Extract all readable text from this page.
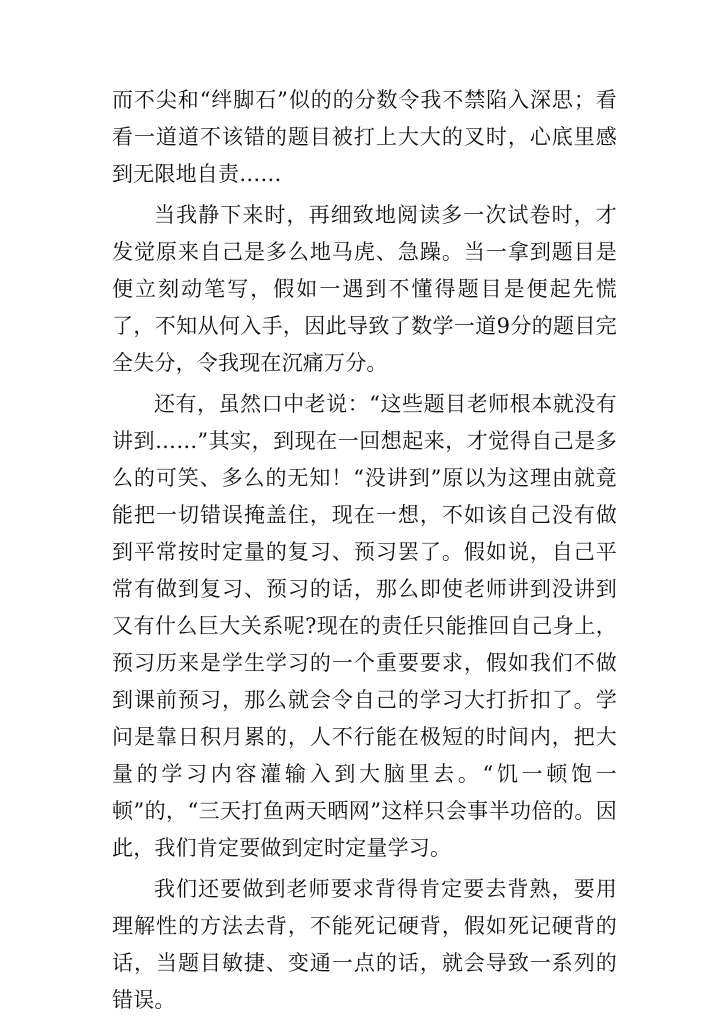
而不尖和“绊脚石”似的的分数令我不禁陷入深思；看看一道道不该错的题目被打上大大的叉时，心底里感到无限地自责……

当我静下来时，再细致地阅读多一次试卷时，才发觉原来自己是多么地马虎、急躁。当一拿到题目是便立刻动笔写，假如一遇到不懂得题目是便起先慌了，不知从何入手，因此导致了数学一道9分的题目完全失分，令我现在沉痛万分。

还有，虽然口中老说：“这些题目老师根本就没有讲到……”其实，到现在一回想起来，才觉得自己是多么的可笑、多么的无知！“没讲到”原以为这理由就竟能把一切错误掩盖住，现在一想，不如该自己没有做到平常按时定量的复习、预习罢了。假如说，自己平常有做到复习、预习的话，那么即使老师讲到没讲到又有什么巨大关系呢?现在的责任只能推回自己身上，预习历来是学生学习的一个重要要求，假如我们不做到课前预习，那么就会令自己的学习大打折扣了。学问是靠日积月累的，人不行能在极短的时间内，把大量的学习内容灌输入到大脑里去。“饥一顿饱一顿”的，“三天打鱼两天晒网”这样只会事半功倍的。因此，我们肯定要做到定时定量学习。

我们还要做到老师要求背得肯定要去背熟，要用理解性的方法去背，不能死记硬背，假如死记硬背的话，当题目敏捷、变通一点的话，就会导致一系列的错误。
